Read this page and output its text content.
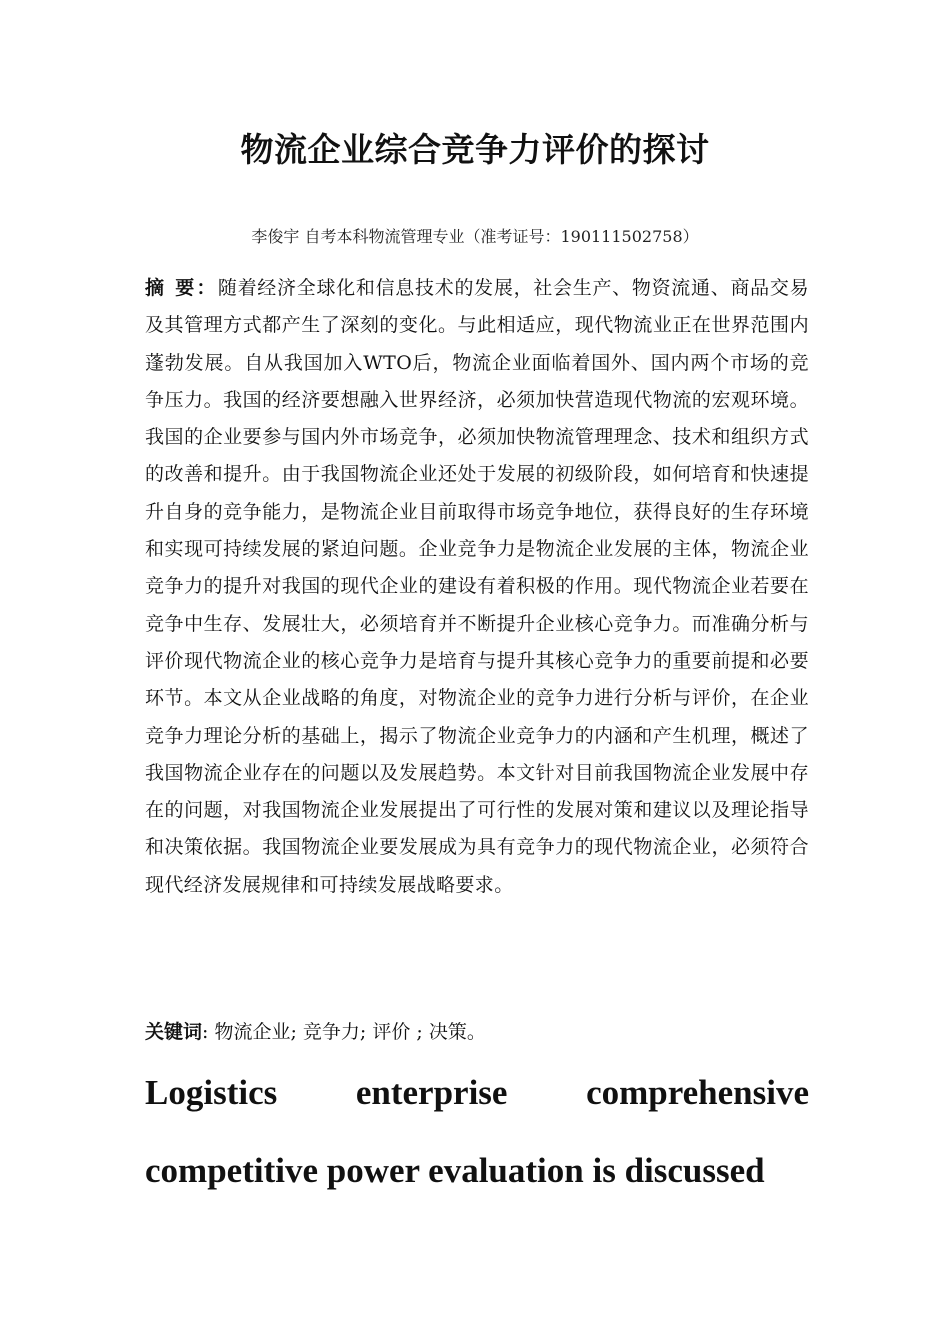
物流企业综合竞争力评价的探讨
李俊宇 自考本科物流管理专业（准考证号：190111502758）
摘 要：随着经济全球化和信息技术的发展，社会生产、物资流通、商品交易及其管理方式都产生了深刻的变化。与此相适应，现代物流业正在世界范围内蓬勃发展。自从我国加入WTO后，物流企业面临着国外、国内两个市场的竞争压力。我国的经济要想融入世界经济，必须加快营造现代物流的宏观环境。我国的企业要参与国内外市场竞争，必须加快物流管理理念、技术和组织方式的改善和提升。由于我国物流企业还处于发展的初级阶段，如何培育和快速提升自身的竞争能力，是物流企业目前取得市场竞争地位，获得良好的生存环境和实现可持续发展的紧迫问题。企业竞争力是物流企业发展的主体，物流企业竞争力的提升对我国的现代企业的建设有着积极的作用。现代物流企业若要在竞争中生存、发展壮大，必须培育并不断提升企业核心竞争力。而准确分析与评价现代物流企业的核心竞争力是培育与提升其核心竞争力的重要前提和必要环节。本文从企业战略的角度，对物流企业的竞争力进行分析与评价，在企业竞争力理论分析的基础上，揭示了物流企业竞争力的内涵和产生机理，概述了我国物流企业存在的问题以及发展趋势。本文针对目前我国物流企业发展中存在的问题，对我国物流企业发展提出了可行性的发展对策和建议以及理论指导和决策依据。我国物流企业要发展成为具有竞争力的现代物流企业，必须符合现代经济发展规律和可持续发展战略要求。
关键词: 物流企业; 竞争力; 评价 ; 决策。
Logistics enterprise comprehensive competitive power evaluation is discussed
